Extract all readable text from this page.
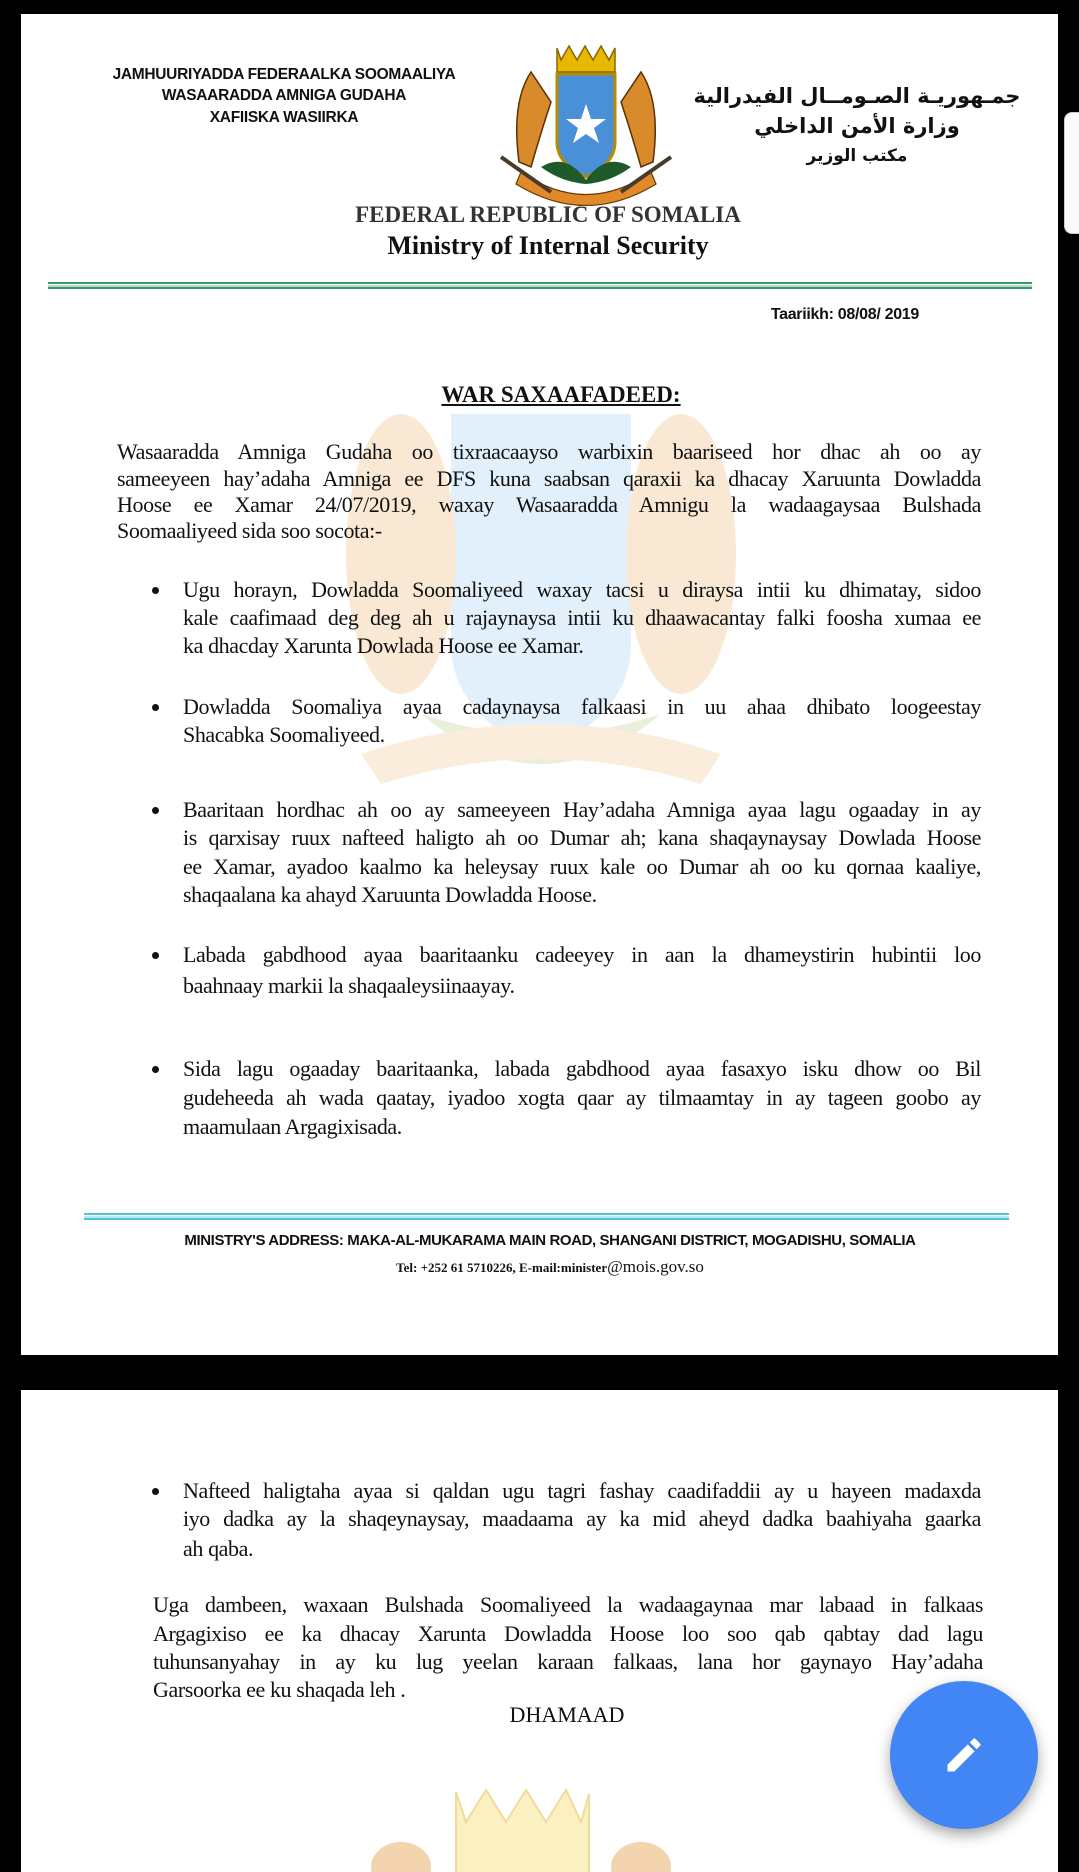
JAMHUURIYADDA FEDERAALKA SOOMAALIYA
WASAARADDA AMNIGA GUDAHA
XAFIISKA WASIIRKA
جمـهوريـة الصـومــال الفيدرالية
وزارة الأمن الداخلي
مكتب الوزير
FEDERAL REPUBLIC OF SOMALIA
Ministry of Internal Security
Taariikh: 08/08/ 2019
WAR SAXAAFADEED:
Wasaaradda Amniga Gudaha oo tixraacaayso warbixin baariseed hor dhac ah oo ay
sameeyeen hay’adaha Amniga ee DFS kuna saabsan qaraxii ka dhacay Xaruunta Dowladda
Hoose ee Xamar 24/07/2019, waxay Wasaaradda Amnigu la wadaagaysaa Bulshada
Soomaaliyeed sida soo socota:-
Ugu horayn, Dowladda Soomaliyeed waxay tacsi u diraysa intii ku dhimatay, sidoo
kale caafimaad deg deg ah u rajaynaysa intii ku dhaawacantay falki foosha xumaa ee
ka dhacday Xarunta Dowlada Hoose ee Xamar.
Dowladda Soomaliya ayaa cadaynaysa falkaasi in uu ahaa dhibato loogeestay
Shacabka Soomaliyeed.
Baaritaan hordhac ah oo ay sameeyeen Hay’adaha Amniga ayaa lagu ogaaday in ay
is qarxisay ruux nafteed haligto ah oo Dumar ah; kana shaqaynaysay Dowlada Hoose
ee Xamar, ayadoo kaalmo ka heleysay ruux kale oo Dumar ah oo ku qornaa kaaliye,
shaqaalana ka ahayd Xaruunta Dowladda Hoose.
Labada gabdhood ayaa baaritaanku cadeeyey in aan la dhameystirin hubintii loo
baahnaay markii la shaqaaleysiinaayay.
Sida lagu ogaaday baaritaanka, labada gabdhood ayaa fasaxyo isku dhow oo Bil
gudeheeda ah wada qaatay, iyadoo xogta qaar ay tilmaamtay in ay tageen goobo ay
maamulaan Argagixisada.
MINISTRY'S ADDRESS: MAKA-AL-MUKARAMA MAIN ROAD, SHANGANI DISTRICT, MOGADISHU, SOMALIA
Tel: +252 61 5710226, E-mail:minister@mois.gov.so
Nafteed haligtaha ayaa si qaldan ugu tagri fashay caadifaddii ay u hayeen madaxda
iyo dadka ay la shaqeynaysay, maadaama ay ka mid aheyd dadka baahiyaha gaarka
ah qaba.
Uga dambeen, waxaan Bulshada Soomaliyeed la wadaagaynaa mar labaad in falkaas
Argagixiso ee ka dhacay Xarunta Dowladda Hoose loo soo qab qabtay dad lagu
tuhunsanyahay in ay ku lug yeelan karaan falkaas, lana hor gaynayo Hay’adaha
Garsoorka ee ku shaqada leh .
DHAMAAD
